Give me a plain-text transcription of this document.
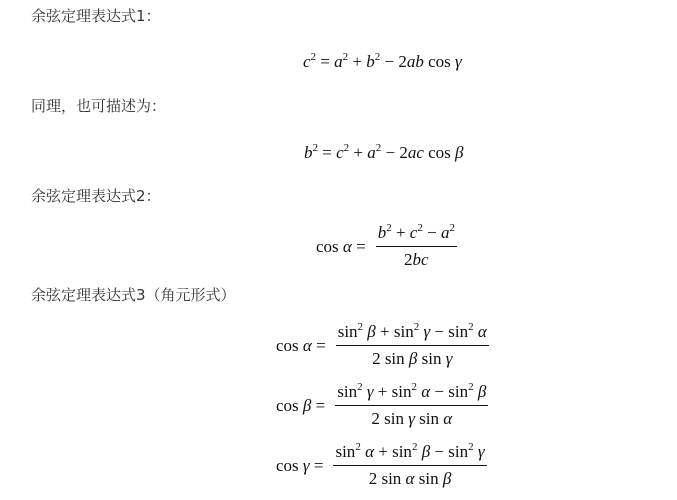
余弦定理表达式1：
$c^2 = a^2 + b^2 - 2ab$ cos γ
同理，也可描述为：
$b^2 = c^2 + a^2 - 2ac$ cos β
余弦定理表达式2：
$\cos \alpha = \frac{b^2 + c^2 - a^2}{2bc}$
余弦定理表达式3（角元形式）
$\cos \alpha = \frac{\sin^2 \beta + \sin^2 \gamma - \sin^2 \alpha}{\text{2 sin β sin γ}}$
$\cos \beta = \frac{\sin^2 \gamma + \sin^2 \alpha - \sin^2 \beta}{\text{2 sin γ sin α}}$
$\cos \gamma = \frac{\sin^2 \alpha + \sin^2 \beta - \sin^2 \gamma}{\text{2 sin α sin β}}$
